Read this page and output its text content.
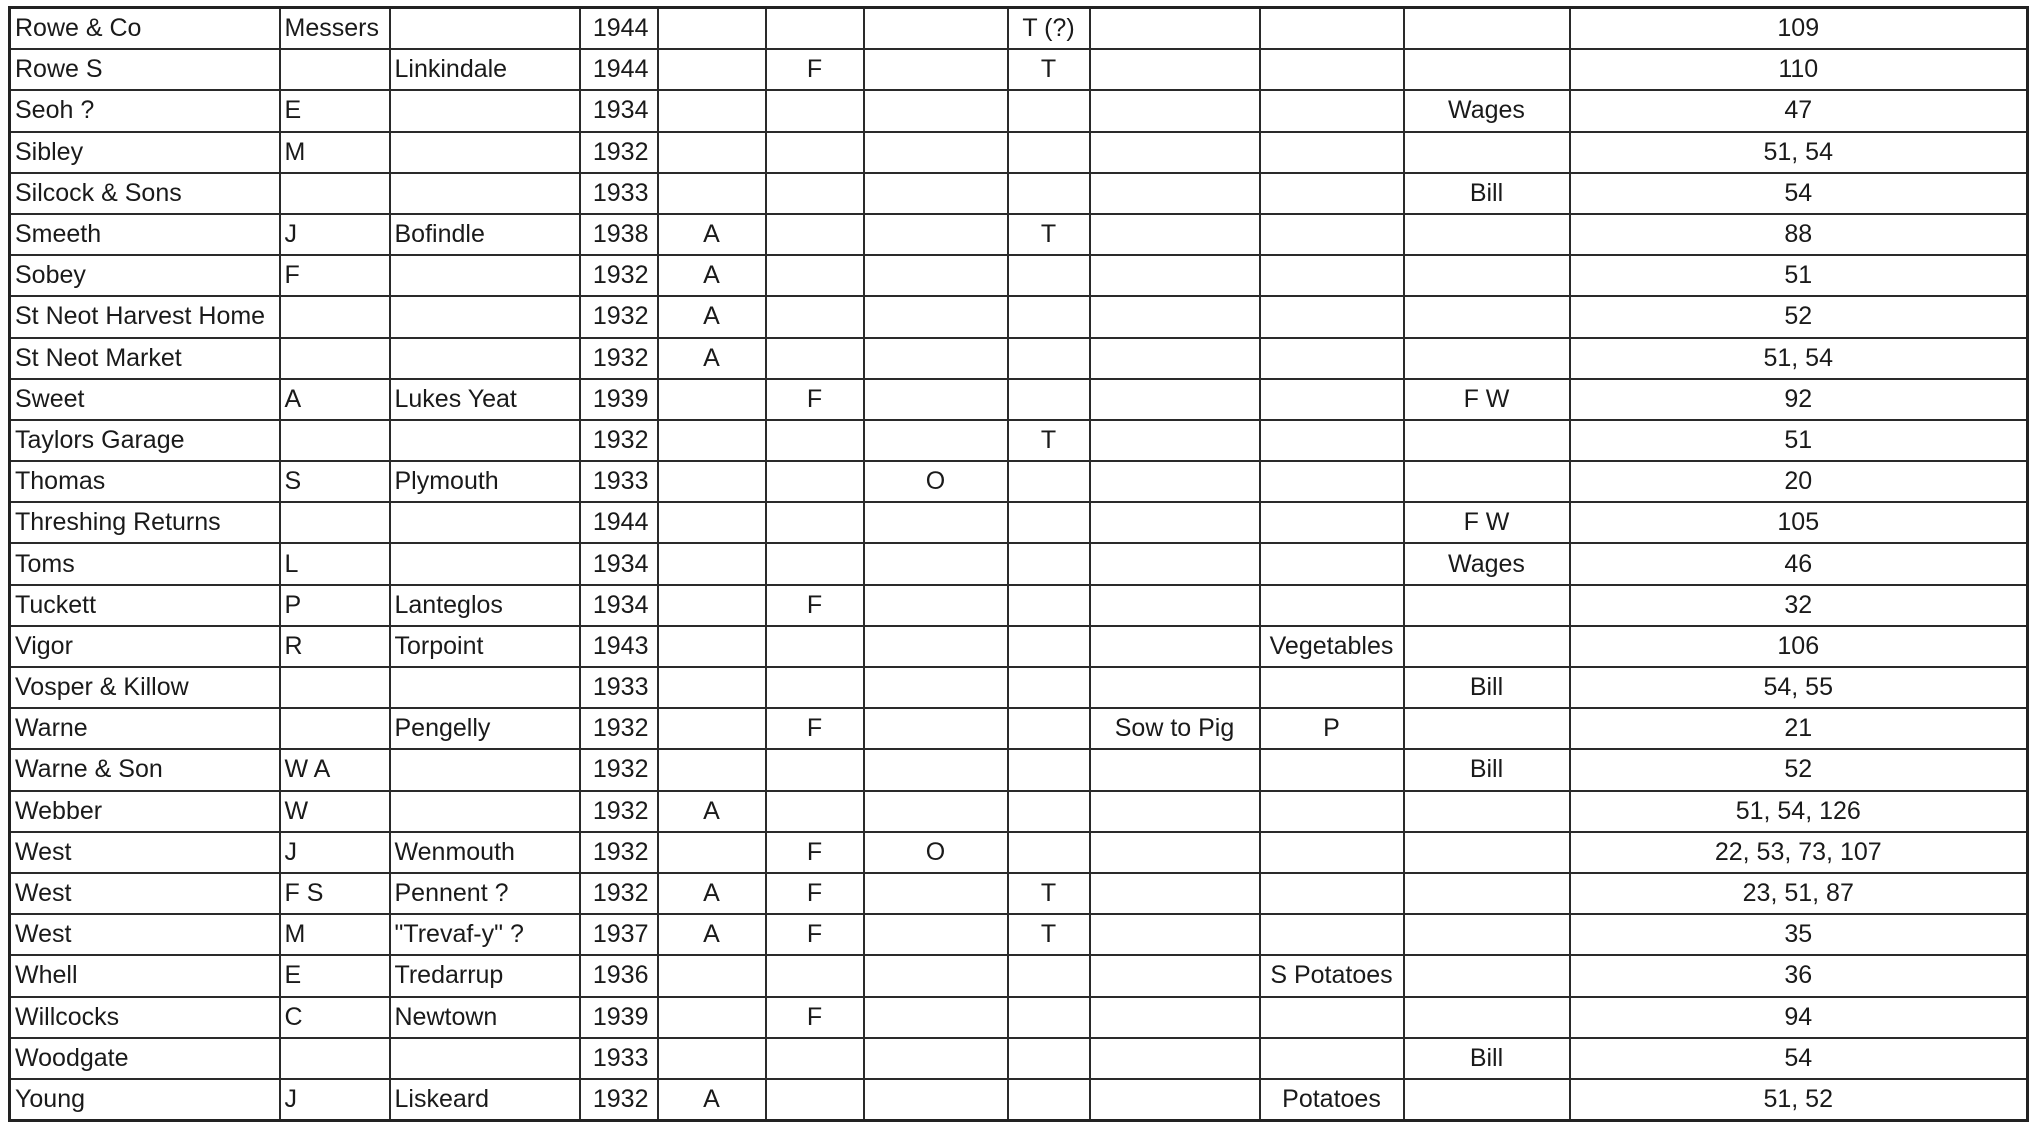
Rowe & Co	Messers		1944				T (?)				109
Rowe S		Linkindale	1944		F		T				110
Seoh ?	E		1934							Wages	47
Sibley	M		1932								51, 54
Silcock & Sons			1933							Bill	54
Smeeth	J	Bofindle	1938	A			T				88
Sobey	F		1932	A							51
St Neot Harvest Home			1932	A							52
St Neot Market			1932	A							51, 54
Sweet	A	Lukes Yeat	1939		F					F W	92
Taylors Garage			1932				T				51
Thomas	S	Plymouth	1933			O					20
Threshing Returns			1944							F W	105
Toms	L		1934							Wages	46
Tuckett	P	Lanteglos	1934		F						32
Vigor	R	Torpoint	1943						Vegetables		106
Vosper & Killow			1933							Bill	54, 55
Warne		Pengelly	1932		F			Sow to Pig	P		21
Warne & Son	W A		1932							Bill	52
Webber	W		1932	A							51, 54, 126
West	J	Wenmouth	1932		F	O					22, 53, 73, 107
West	F S	Pennent ?	1932	A	F		T				23, 51, 87
West	M	"Trevaf-y" ?	1937	A	F		T				35
Whell	E	Tredarrup	1936						S Potatoes		36
Willcocks	C	Newtown	1939		F						94
Woodgate			1933							Bill	54
Young	J	Liskeard	1932	A					Potatoes		51, 52
